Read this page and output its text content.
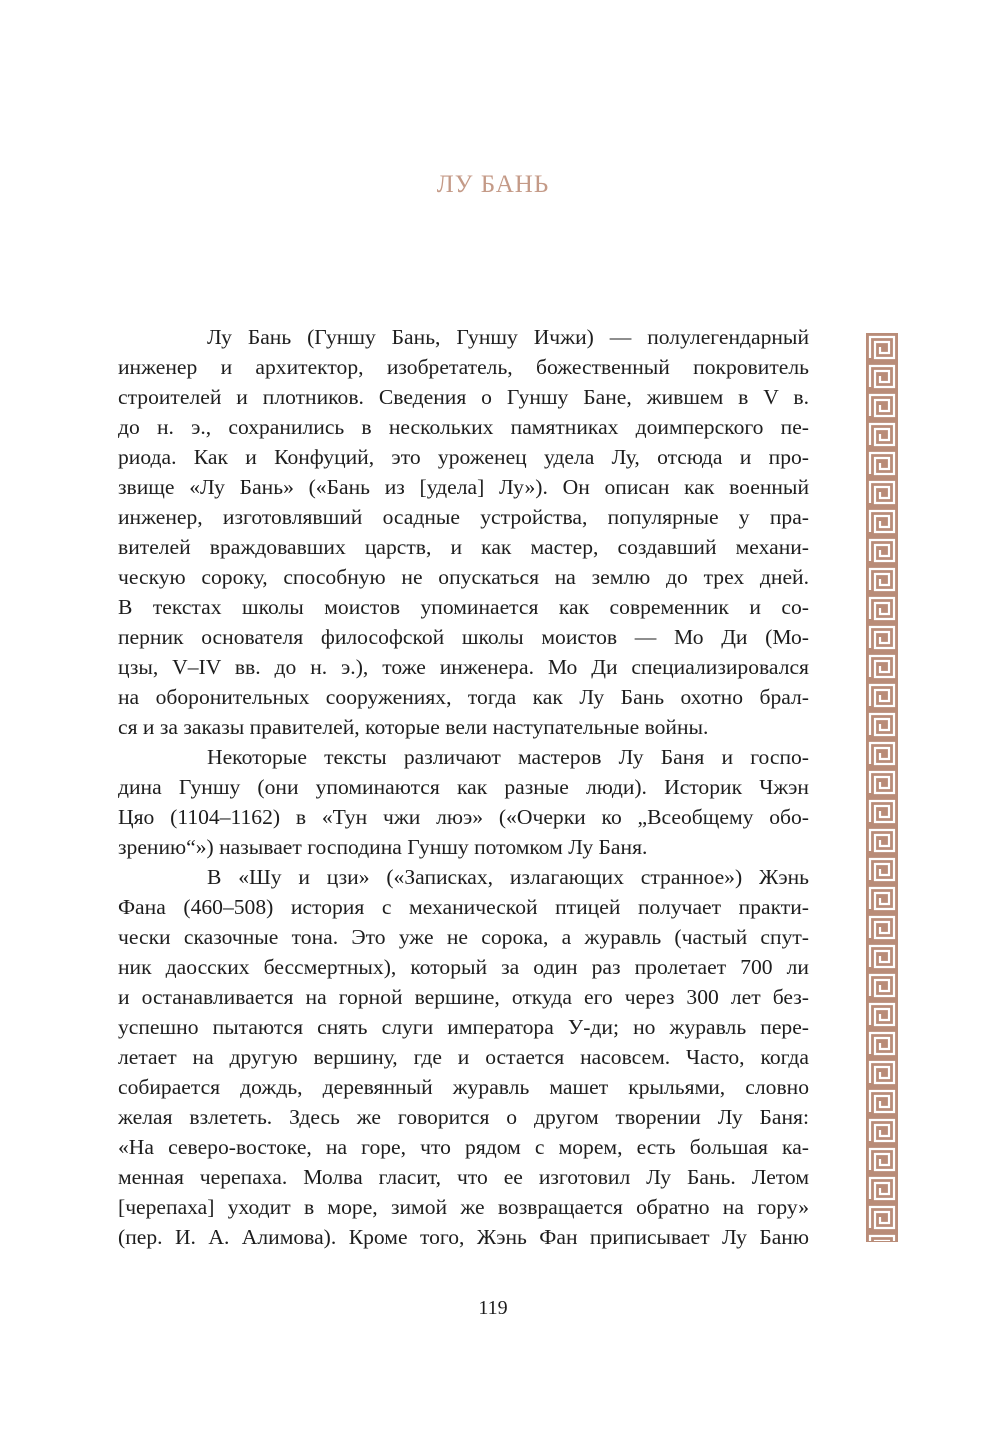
ЛУ БАНЬ
Лу Бань (Гуншу Бань, Гуншу Ичжи) — полулегендарный
инженер и архитектор, изобретатель, божественный покровитель
строителей и плотников. Сведения о Гуншу Бане, жившем в V в.
до н. э., сохранились в нескольких памятниках доимперского пе-
риода. Как и Конфуций, это уроженец удела Лу, отсюда и про-
звище «Лу Бань» («Бань из [удела] Лу»). Он описан как военный
инженер, изготовлявший осадные устройства, популярные у пра-
вителей враждовавших царств, и как мастер, создавший механи-
ческую сороку, способную не опускаться на землю до трех дней.
В текстах школы моистов упоминается как современник и со-
перник основателя философской школы моистов — Мо Ди (Мо-
цзы, V–IV вв. до н. э.), тоже инженера. Мо Ди специализировался
на оборонительных сооружениях, тогда как Лу Бань охотно брал-
ся и за заказы правителей, которые вели наступательные войны.
Некоторые тексты различают мастеров Лу Баня и госпо-
дина Гуншу (они упоминаются как разные люди). Историк Чжэн
Цяо (1104–1162) в «Тун чжи люэ» («Очерки ко „Всеобщему обо-
зрению“») называет господина Гуншу потомком Лу Баня.
В «Шу и цзи» («Записках, излагающих странное») Жэнь
Фана (460–508) история с механической птицей получает практи-
чески сказочные тона. Это уже не сорока, а журавль (частый спут-
ник даосских бессмертных), который за один раз пролетает 700 ли
и останавливается на горной вершине, откуда его через 300 лет без-
успешно пытаются снять слуги императора У-ди; но журавль пере-
летает на другую вершину, где и остается насовсем. Часто, когда
собирается дождь, деревянный журавль машет крыльями, словно
желая взлететь. Здесь же говорится о другом творении Лу Баня:
«На северо-востоке, на горе, что рядом с морем, есть большая ка-
менная черепаха. Молва гласит, что ее изготовил Лу Бань. Летом
[черепаха] уходит в море, зимой же возвращается обратно на гору»
(пер. И. А. Алимова). Кроме того, Жэнь Фан приписывает Лу Баню
119
